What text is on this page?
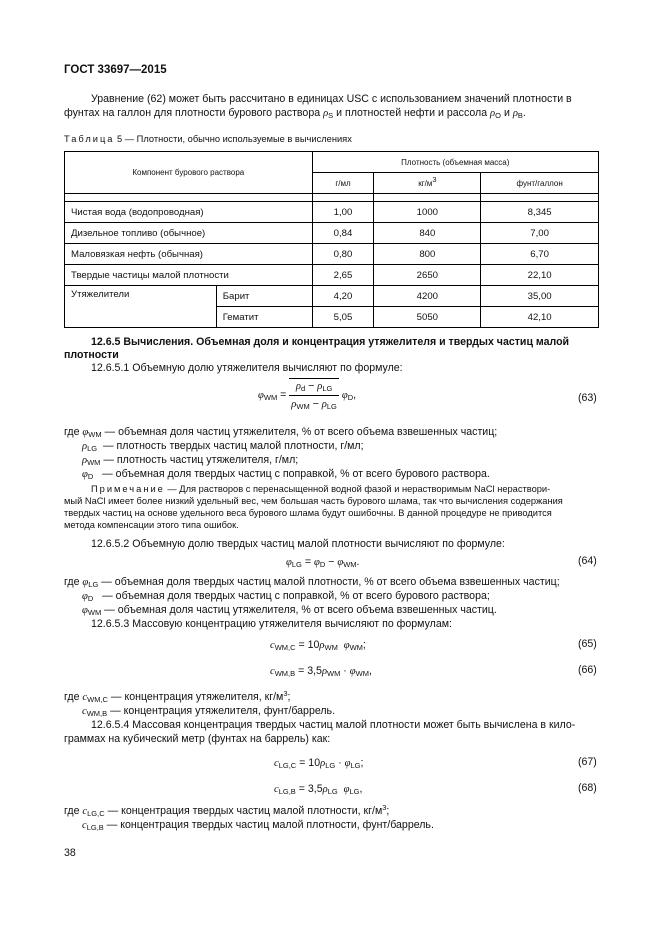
ГОСТ 33697—2015
Уравнение (62) может быть рассчитано в единицах USC с использованием значений плотности в
фунтах на галлон для плотности бурового раствора $\rho_S$ и плотностей нефти и рассола $\rho_O$ и $\rho_B$.
Таблица 5 — Плотности, обычно используемые в вычислениях
Компонент бурового раствора		Плотность (объемная масса)		
		г/мл	$кг/м^3$	фунт/галлон

Чистая вода (водопроводная)		1,00	1000	8,345
Дизельное топливо (обычное)		0,84	840	7,00
Маловязкая нефть (обычная)		0,80	800	6,70
Твердые частицы малой плотности		2,65	2650	22,10
Утяжелители	Барит	4,20	4200	35,00
	Гематит	5,05	5050	42,10
12.6.5 Вычисления. Объемная доля и концентрация утяжелителя и твердых частиц малой
плотности
12.6.5.1 Объемную долю утяжелителя вычисляют по формуле:
$\varphi_{WM} = \frac{\rho_d - \rho_{LG}}{\rho_{WM} - \rho_{LG}} \varphi_D$,	(63)
где $\varphi_{WM}$ — объемная доля частиц утяжелителя, % от всего объема взвешенных частиц;
$\rho_{LG}$ — плотность твердых частиц малой плотности, г/мл;
$\rho_{WM}$ — плотность частиц утяжелителя, г/мл;
$\varphi_D$ — объемная доля твердых частиц с поправкой, % от всего бурового раствора.
Примечание — Для растворов с перенасыщенной водной фазой и нерастворимым NaCl нераствори-
мый NaCl имеет более низкий удельный вес, чем большая часть бурового шлама, так что вычисления содержания
твердых частиц на основе удельного веса бурового шлама будут ошибочны. В данной процедуре не приводится
метода компенсации этого типа ошибок.
12.6.5.2 Объемную долю твердых частиц малой плотности вычисляют по формуле:
$\varphi_{LG} = \varphi_D - \varphi_{WM}$.	(64)
где $\varphi_{LG}$ — объемная доля твердых частиц малой плотности, % от всего объема взвешенных частиц;
$\varphi_D$ — объемная доля твердых частиц с поправкой, % от всего бурового раствора;
$\varphi_{WM}$ — объемная доля частиц утяжелителя, % от всего объема взвешенных частиц.
12.6.5.3 Массовую концентрацию утяжелителя вычисляют по формулам:
$c_{WM,C} = 10\rho_{WM}$ $\varphi_{WM}$;	(65)
$c_{WM,B} = 3,5\rho_{WM} \cdot \varphi_{WM}$,	(66)
где $c_{WM,C}$ — концентрация утяжелителя, $кг/м^3$;
$c_{WM,B}$ — концентрация утяжелителя, фунт/баррель.
12.6.5.4 Массовая концентрация твердых частиц малой плотности может быть вычислена в кило-
граммах на кубический метр (фунтах на баррель) как:
$c_{LG,C} = 10\rho_{LG} \cdot \varphi_{LG}$;	(67)
$c_{LG,B} = 3,5\rho_{LG}$ $\varphi_{LG}$,	(68)
где $c_{LG,C}$ — концентрация твердых частиц малой плотности, $кг/м^3$;
$c_{LG,B}$ — концентрация твердых частиц малой плотности, фунт/баррель.
38
